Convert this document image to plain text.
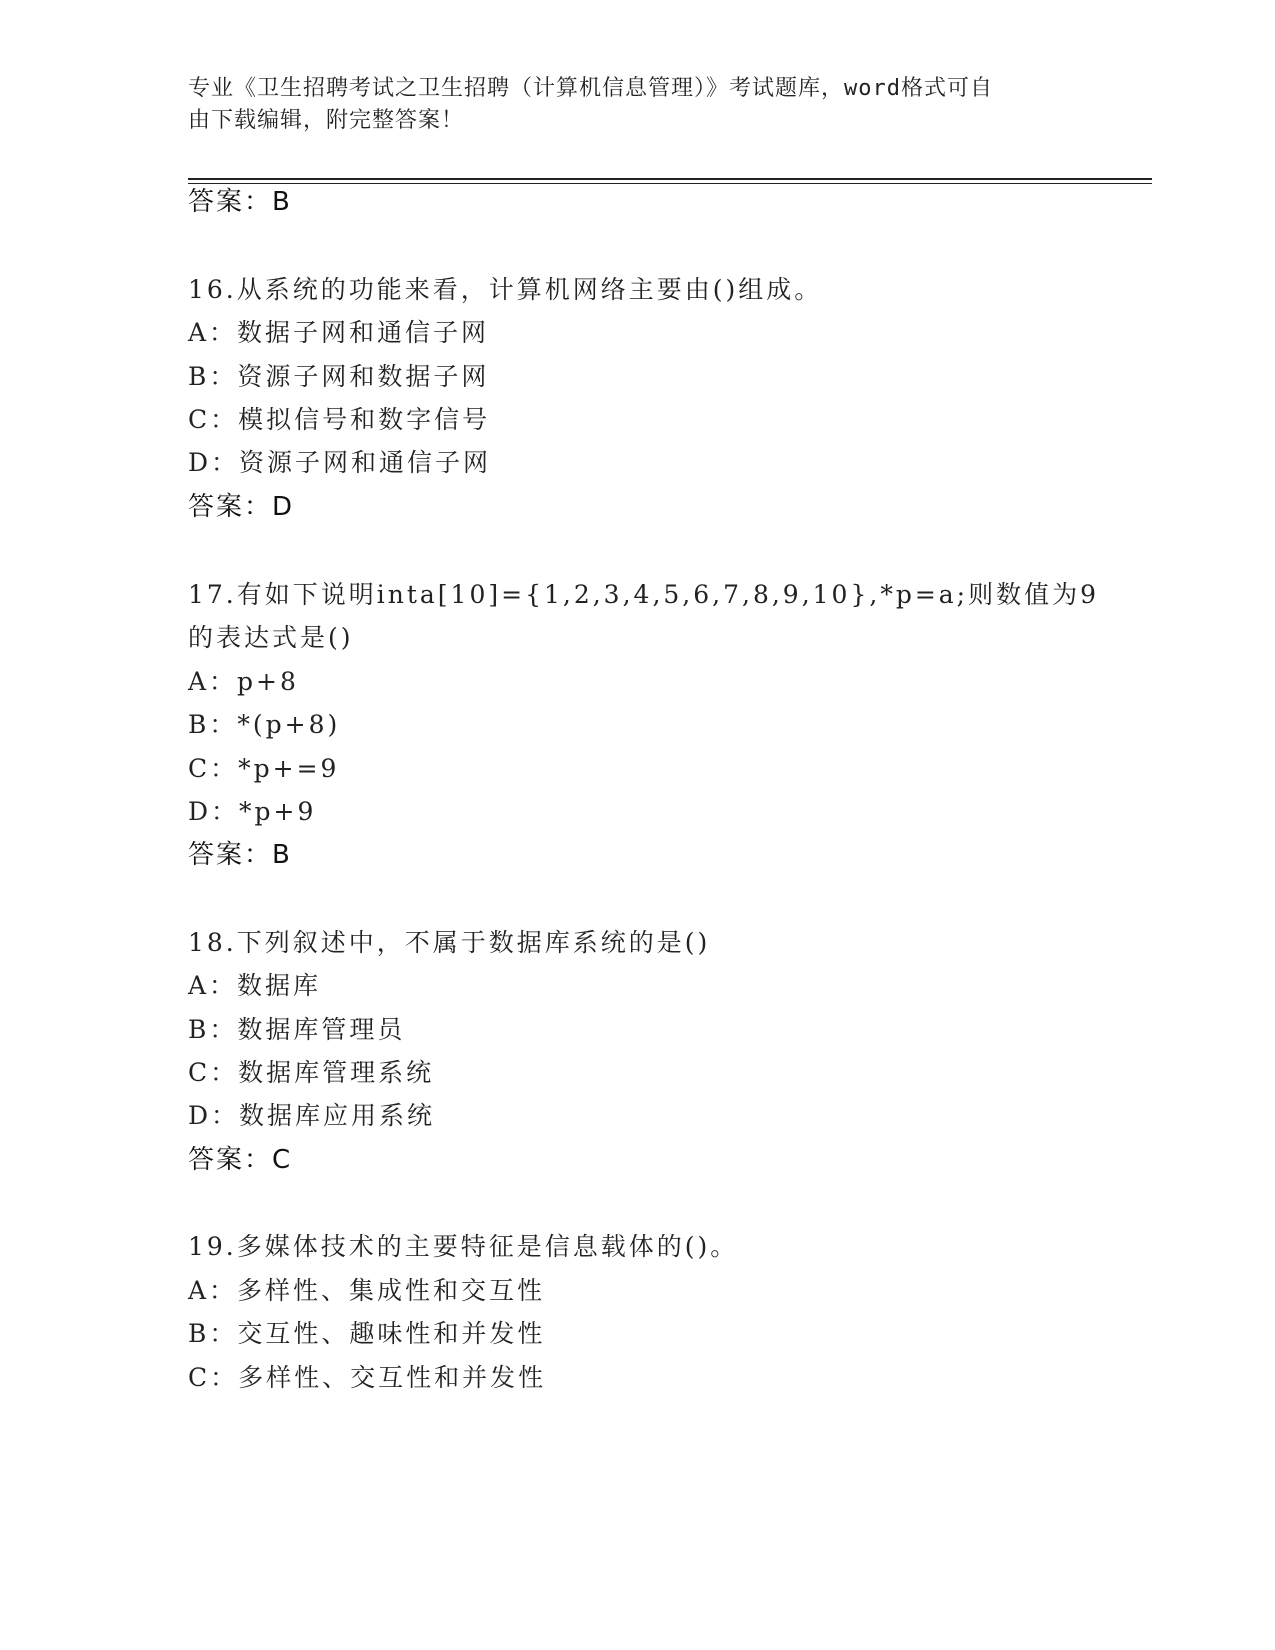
专业《卫生招聘考试之卫生招聘（计算机信息管理）》考试题库，word格式可自
由下载编辑，附完整答案！
答案：B
16.从系统的功能来看，计算机网络主要由()组成。
A：数据子网和通信子网
B：资源子网和数据子网
C：模拟信号和数字信号
D：资源子网和通信子网
答案：D
17.有如下说明inta[10]={1,2,3,4,5,6,7,8,9,10},*p=a;则数值为9
的表达式是()
A：p+8
B：*(p+8)
C：*p+=9
D：*p+9
答案：B
18.下列叙述中，不属于数据库系统的是()
A：数据库
B：数据库管理员
C：数据库管理系统
D：数据库应用系统
答案：C
19.多媒体技术的主要特征是信息载体的()。
A：多样性、集成性和交互性
B：交互性、趣味性和并发性
C：多样性、交互性和并发性
